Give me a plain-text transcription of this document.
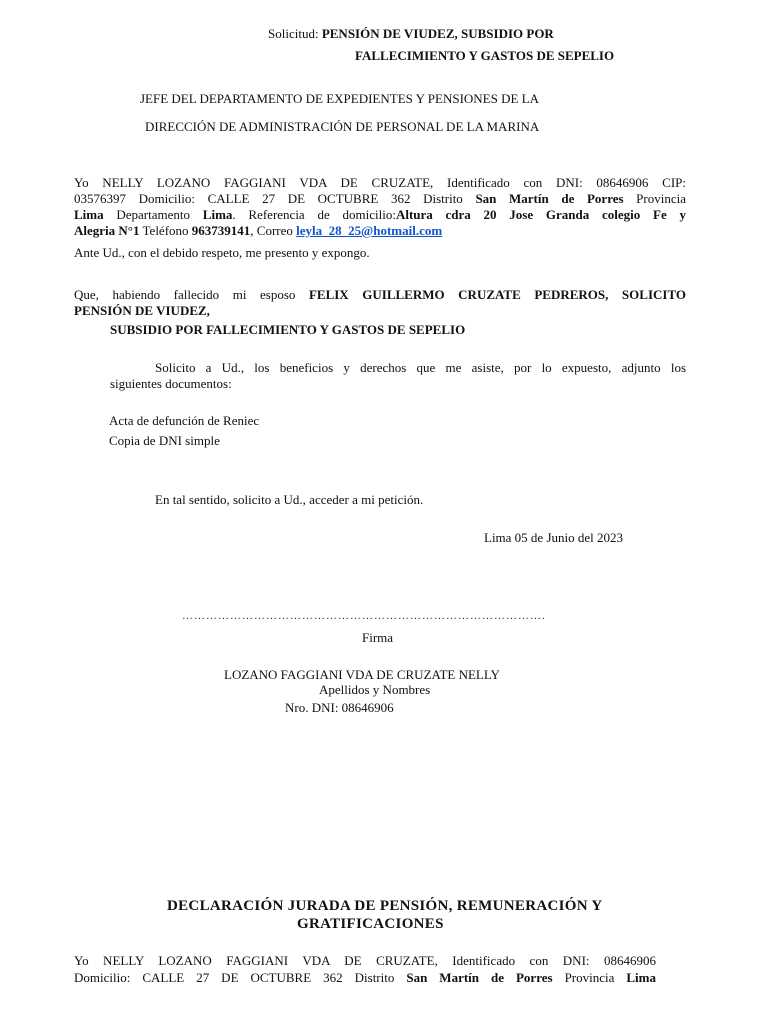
Solicitud: PENSIÓN DE VIUDEZ, SUBSIDIO POR
FALLECIMIENTO Y GASTOS DE SEPELIO
JEFE DEL DEPARTAMENTO DE EXPEDIENTES Y PENSIONES DE LA
DIRECCIÓN DE ADMINISTRACIÓN DE PERSONAL DE LA MARINA
Yo NELLY LOZANO FAGGIANI VDA DE CRUZATE, Identificado con DNI: 08646906 CIP:
03576397 Domicilio: CALLE 27 DE OCTUBRE 362 Distrito San Martín de Porres Provincia
Lima Departamento Lima. Referencia de domicilio:Altura cdra 20 Jose Granda colegio Fe y
Alegria N°1 Teléfono 963739141, Correo leyla_28_25@hotmail.com
Ante Ud., con el debido respeto, me presento y expongo.
Que, habiendo fallecido mi esposo FELIX GUILLERMO CRUZATE PEDREROS, SOLICITO
PENSIÓN DE VIUDEZ,
SUBSIDIO POR FALLECIMIENTO Y GASTOS DE SEPELIO
Solicito a Ud., los beneficios y derechos que me asiste, por lo expuesto, adjunto los
siguientes documentos:
Acta de defunción de Reniec
Copia de DNI simple
En tal sentido, solicito a Ud., acceder a mi petición.
Lima 05 de Junio del 2023
……………………………………………………………………………….
Firma
LOZANO FAGGIANI VDA DE CRUZATE NELLY
Apellidos y Nombres
Nro. DNI: 08646906
DECLARACIÓN JURADA DE PENSIÓN, REMUNERACIÓN Y
GRATIFICACIONES
Yo NELLY LOZANO FAGGIANI VDA DE CRUZATE, Identificado con DNI: 08646906
Domicilio: CALLE 27 DE OCTUBRE 362 Distrito San Martín de Porres Provincia Lima
